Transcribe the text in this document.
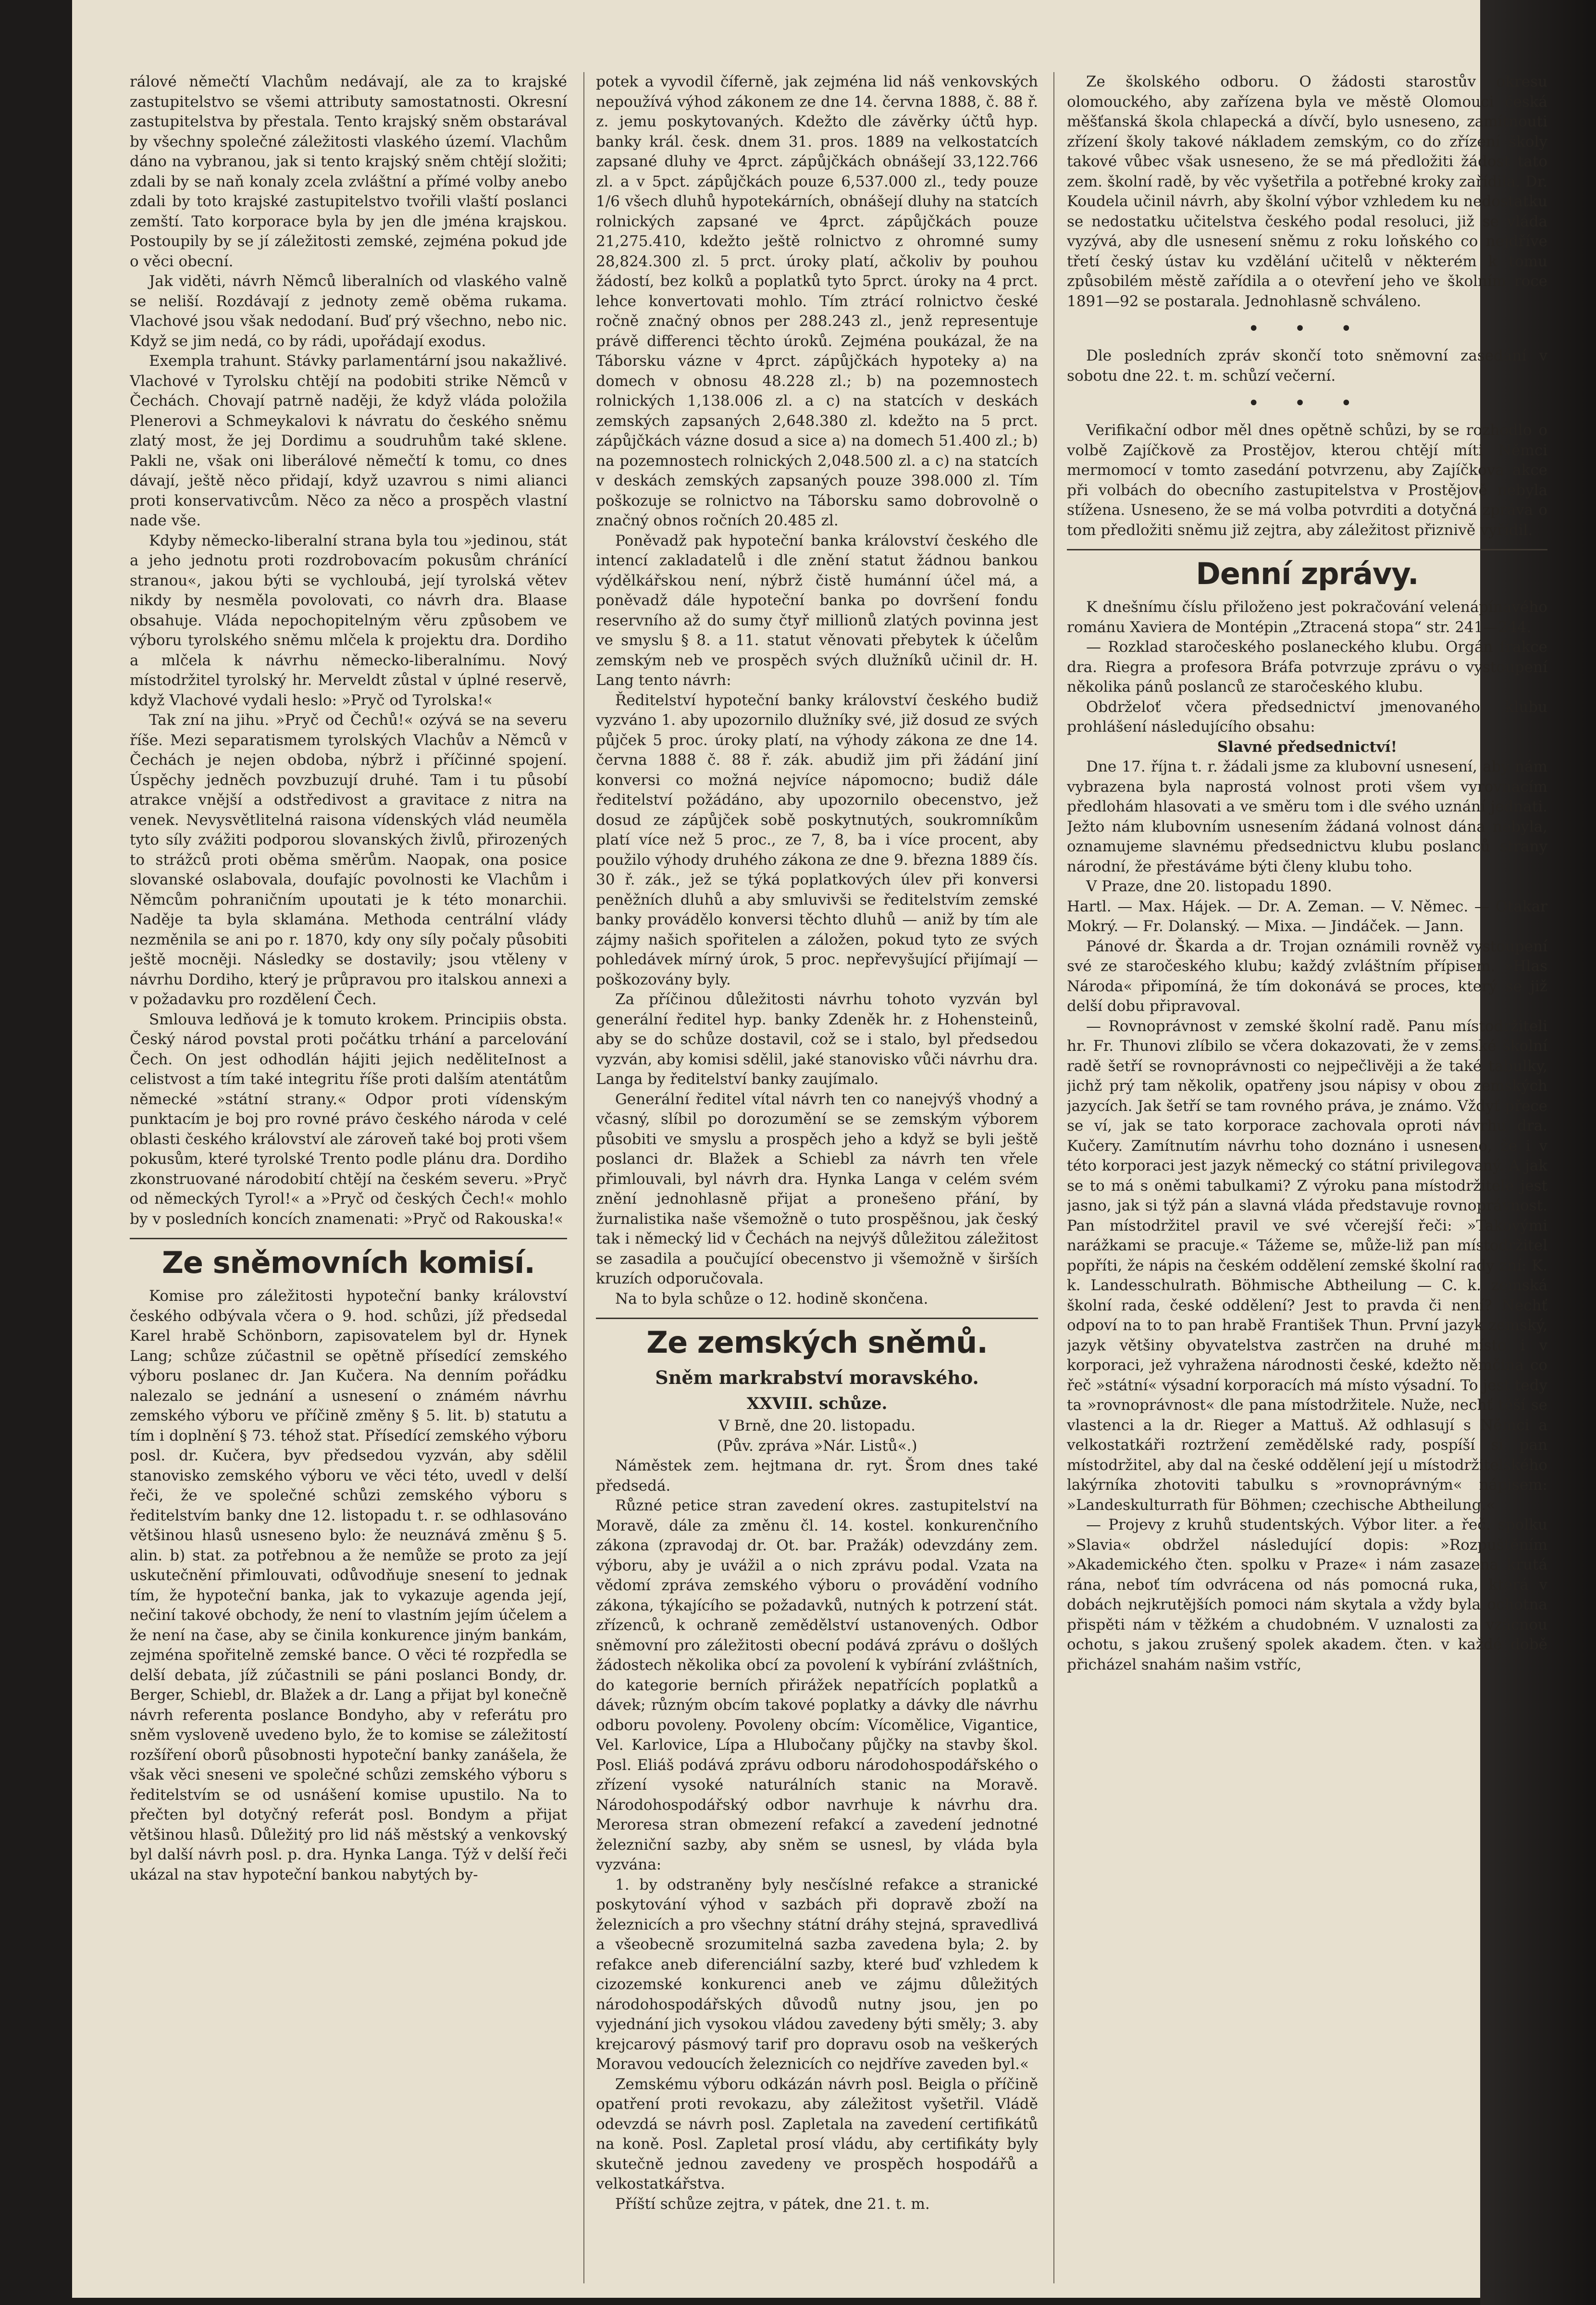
rálové němečtí Vlachům nedávají, ale za to krajské zastupitelstvo se všemi attributy samostatnosti. Okresní zastupitelstva by přestala. Tento krajský sněm obstarával by všechny společné záležitosti vlaského území. Vlachům dáno na vybranou, jak si tento krajský sněm chtějí složiti; zdali by se naň konaly zcela zvláštní a přímé volby anebo zdali by toto krajské zastupitelstvo tvořili vlaští poslanci zemští. Tato korporace byla by jen dle jména krajskou. Postoupily by se jí záležitosti zemské, zejména pokud jde o věci obecní.

Jak viděti, návrh Němců liberalních od vlaského valně se neliší. Rozdávají z jednoty země oběma rukama. Vlachové jsou však nedodaní. Buď prý všechno, nebo nic. Když se jim nedá, co by rádi, upořádají exodus.

Exempla trahunt. Stávky parlamentární jsou nakažlivé. Vlachové v Tyrolsku chtějí na podobiti strike Němců v Čechách. Chovají patrně naději, že když vláda položila Plenerovi a Schmeykalovi k návratu do českého sněmu zlatý most, že jej Dordimu a soudruhům také sklene. Pakli ne, však oni liberálové němečtí k tomu, co dnes dávají, ještě něco přidají, když uzavrou s nimi alianci proti konservativcům. Něco za něco a prospěch vlastní nade vše.

Kdyby německo-liberalní strana byla tou »jedinou, stát a jeho jednotu proti rozdrobovacím pokusům chránící stranou«, jakou býti se vychloubá, její tyrolská větev nikdy by nesměla povolovati, co návrh dra. Blaase obsahuje. Vláda nepochopitelným věru způsobem ve výboru tyrolského sněmu mlčela k projektu dra. Dordiho a mlčela k návrhu německo-liberalnímu. Nový místodržitel tyrolský hr. Merveldt zůstal v úplné reservě, když Vlachové vydali heslo: »Pryč od Tyrolska!«

Tak zní na jihu. »Pryč od Čechů!« ozývá se na severu říše. Mezi separatismem tyrolských Vlachův a Němců v Čechách je nejen obdoba, nýbrž i příčinné spojení. Úspěchy jedněch povzbuzují druhé. Tam i tu působí atrakce vnější a odstředivost a gravitace z nitra na venek. Nevysvětlitelná raisona vídenských vlád neuměla tyto síly zvážiti podporou slovanských živlů, přirozených to strážců proti oběma směrům. Naopak, ona posice slovanské oslabovala, doufajíc povolnosti ke Vlachům i Němcům pohraničním upoutati je k této monarchii. Naděje ta byla sklamána. Methoda centrální vlády nezměnila se ani po r. 1870, kdy ony síly počaly působiti ještě mocněji. Následky se dostavily; jsou vtěleny v návrhu Dordiho, který je průpravou pro italskou annexi a v požadavku pro rozdělení Čech.

Smlouva ledňová je k tomuto krokem. Principiis obsta. Český národ povstal proti počátku trhání a parcelování Čech. On jest odhodlán hájiti jejich neděliteInost a celistvost a tím také integritu říše proti dalším atentátům německé »státní strany.« Odpor proti vídenským punktacím je boj pro rovné právo českého národa v celé oblasti českého království ale zároveň také boj proti všem pokusům, které tyrolské Trento podle plánu dra. Dordiho zkonstruované národobití chtějí na českém severu. »Pryč od německých Tyrol!« a »Pryč od českých Čech!« mohlo by v posledních koncích znamenati: »Pryč od Rakouska!«

Ze sněmovních komisí.

Komise pro záležitosti hypoteční banky království českého odbývala včera o 9. hod. schůzi, jíž předsedal Karel hrabě Schönborn, zapisovatelem byl dr. Hynek Lang; schůze zúčastnil se opětně přísedící zemského výboru poslanec dr. Jan Kučera. Na denním pořádku nalezalo se jednání a usnesení o známém návrhu zemského výboru ve příčině změny § 5. lit. b) statutu a tím i doplnění § 73. téhož stat. Přísedící zemského výboru posl. dr. Kučera, byv předsedou vyzván, aby sdělil stanovisko zemského výboru ve věci této, uvedl v delší řeči, že ve společné schůzi zemského výboru s ředitelstvím banky dne 12. listopadu t. r. se odhlasováno většinou hlasů usneseno bylo: že neuznává změnu § 5. alin. b) stat. za potřebnou a že nemůže se proto za její uskutečnění přimlouvati, odůvodňuje snesení to jednak tím, že hypoteční banka, jak to vykazuje agenda její, nečiní takové obchody, že není to vlastním jejím účelem a že není na čase, aby se činila konkurence jiným bankám, zejména spořitelně zemské bance. O věci té rozpředla se delší debata, jíž zúčastnili se páni poslanci Bondy, dr. Berger, Schiebl, dr. Blažek a dr. Lang a přijat byl konečně návrh referenta poslance Bondyho, aby v referátu pro sněm vysloveně uvedeno bylo, že to komise se záležitostí rozšíření oborů působnosti hypoteční banky zanášela, že však věci sneseni ve společné schůzi zemského výboru s ředitelstvím se od usnášení komise upustilo. Na to přečten byl dotyčný referát posl. Bondym a přijat většinou hlasů. Důležitý pro lid náš městský a venkovský byl další návrh posl. p. dra. Hynka Langa. Týž v delší řeči ukázal na stav hypoteční bankou nabytých by-

potek a vyvodil číferně, jak zejména lid náš venkovských nepoužívá výhod zákonem ze dne 14. června 1888, č. 88 ř. z. jemu poskytovaných. Kdežto dle závěrky účtů hyp. banky král. česk. dnem 31. pros. 1889 na velkostatcích zapsané dluhy ve 4prct. zápůjčkách obnášejí 33,122.766 zl. a v 5pct. zápůjčkách pouze 6,537.000 zl., tedy pouze 1/6 všech dluhů hypotekárních, obnášejí dluhy na statcích rolnických zapsané ve 4prct. zápůjčkách pouze 21,275.410, kdežto ještě rolnictvo z ohromné sumy 28,824.300 zl. 5 prct. úroky platí, ačkoliv by pouhou žádostí, bez kolků a poplatků tyto 5prct. úroky na 4 prct. lehce konvertovati mohlo. Tím ztrácí rolnictvo české ročně značný obnos per 288.243 zl., jenž representuje právě differenci těchto úroků. Zejména poukázal, že na Táborsku vázne v 4prct. zápůjčkách hypoteky a) na domech v obnosu 48.228 zl.; b) na pozemnostech rolnických 1,138.006 zl. a c) na statcích v deskách zemských zapsaných 2,648.380 zl. kdežto na 5 prct. zápůjčkách vázne dosud a sice a) na domech 51.400 zl.; b) na pozemnostech rolnických 2,048.500 zl. a c) na statcích v deskách zemských zapsaných pouze 398.000 zl. Tím poškozuje se rolnictvo na Táborsku samo dobrovolně o značný obnos ročních 20.485 zl.

Poněvadž pak hypoteční banka království českého dle intencí zakladatelů i dle znění statut žádnou bankou výdělkářskou není, nýbrž čistě humánní účel má, a poněvadž dále hypoteční banka po dovršení fondu reservního až do sumy čtyř millionů zlatých povinna jest ve smyslu § 8. a 11. statut věnovati přebytek k účelům zemským neb ve prospěch svých dlužníků učinil dr. H. Lang tento návrh:

Ředitelství hypoteční banky království českého budiž vyzváno 1. aby upozornilo dlužníky své, již dosud ze svých půjček 5 proc. úroky platí, na výhody zákona ze dne 14. června 1888 č. 88 ř. zák. abudiž jim při žádání jiní konversi co možná nejvíce nápomocno; budiž dále ředitelství požádáno, aby upozornilo obecenstvo, jež dosud ze zápůjček sobě poskytnutých, soukromníkům platí více než 5 proc., ze 7, 8, ba i více procent, aby použilo výhody druhého zákona ze dne 9. března 1889 čís. 30 ř. zák., jež se týká poplatkových úlev při konversi peněžních dluhů a aby smluvivši se ředitelstvím zemské banky provádělo konversi těchto dluhů — aniž by tím ale zájmy našich spořitelen a záložen, pokud tyto ze svých pohledávek mírný úrok, 5 proc. nepřevyšující přijímají — poškozovány byly.

Za příčinou důležitosti návrhu tohoto vyzván byl generální ředitel hyp. banky Zdeněk hr. z Hohensteinů, aby se do schůze dostavil, což se i stalo, byl předsedou vyzván, aby komisi sdělil, jaké stanovisko vůči návrhu dra. Langa by ředitelství banky zaujímalo.

Generální ředitel vítal návrh ten co nanejvýš vhodný a včasný, slíbil po dorozumění se se zemským výborem působiti ve smyslu a prospěch jeho a když se byli ještě poslanci dr. Blažek a Schiebl za návrh ten vřele přimlouvali, byl návrh dra. Hynka Langa v celém svém znění jednohlasně přijat a pronešeno přání, by žurnalistika naše všemožně o tuto prospěšnou, jak český tak i německý lid v Čechách na nejvýš důležitou záležitost se zasadila a poučující obecenstvo ji všemožně v širších kruzích odporučovala.

Na to byla schůze o 12. hodině skončena.

Ze zemských sněmů.
Sněm markrabství moravského.
XXVIII. schůze.

V Brně, dne 20. listopadu.

(Pův. zpráva »Nár. Listů«.)

Náměstek zem. hejtmana dr. ryt. Šrom dnes také předsedá.

Různé petice stran zavedení okres. zastupitelství na Moravě, dále za změnu čl. 14. kostel. konkurenčního zákona (zpravodaj dr. Ot. bar. Pražák) odevzdány zem. výboru, aby je uvážil a o nich zprávu podal. Vzata na vědomí zpráva zemského výboru o provádění vodního zákona, týkajícího se požadavků, nutných k potrzení stát. zřízenců, k ochraně zemědělství ustanovených. Odbor sněmovní pro záležitosti obecní podává zprávu o došlých žádostech několika obcí za povolení k vybírání zvláštních, do kategorie berních přirážek nepatřících poplatků a dávek; různým obcím takové poplatky a dávky dle návrhu odboru povoleny. Povoleny obcím: Vícomělice, Vigantice, Vel. Karlovice, Lípa a Hlubočany půjčky na stavby škol. Posl. Eliáš podává zprávu odboru národohospodářského o zřízení vysoké naturálních stanic na Moravě. Národohospodářský odbor navrhuje k návrhu dra. Meroresa stran obmezení refakcí a zavedení jednotné železniční sazby, aby sněm se usnesl, by vláda byla vyzvána:

1. by odstraněny byly nesčíslné refakce a stranické poskytování výhod v sazbách při dopravě zboží na železnicích a pro všechny státní dráhy stejná, spravedlivá a všeobecně srozumitelná sazba zavedena byla; 2. by refakce aneb diferenciální sazby, které buď vzhledem k cizozemské konkurenci aneb ve zájmu důležitých národohospodářských důvodů nutny jsou, jen po vyjednání jich vysokou vládou zavedeny býti směly; 3. aby krejcarový pásmový tarif pro dopravu osob na veškerých Moravou vedoucích železnicích co nejdříve zaveden byl.«

Zemskému výboru odkázán návrh posl. Beigla o příčině opatření proti revokazu, aby záležitost vyšetřil. Vládě odevzdá se návrh posl. Zapletala na zavedení certifikátů na koně. Posl. Zapletal prosí vládu, aby certifikáty byly skutečně jednou zavedeny ve prospěch hospodářů a velkostatkářstva.

Příští schůze zejtra, v pátek, dne 21. t. m.

Ze školského odboru. O žádosti starostův okresu olomouckého, aby zařízena byla ve městě Olomouci česká měšťanská škola chlapecká a dívčí, bylo usneseno, zamítnouti zřízení školy takové nákladem zemským, co do zřízení školy takové vůbec však usneseno, že se má předložiti žádost tato zem. školní radě, by věc vyšetřila a potřebné kroky zařídila. Dr. Koudela učinil návrh, aby školní výbor vzhledem ku nedostatku se nedostatku učitelstva českého podal resoluci, již se vláda vyzývá, aby dle usnesení sněmu z roku loňského co nejdříve třetí český ústav ku vzdělání učitelů v některém k tomu způsobilém městě zařídila a o otevření jeho ve školním roce 1891—92 se postarala. Jednohlasně schváleno.

• • •

Dle posledních zpráv skončí toto sněmovní zasedání v sobotu dne 22. t. m. schůzí večerní.

• • •

Verifikační odbor měl dnes opětně schůzi, by se rozhodlo o volbě Zajíčkově za Prostějov, kterou chtějí míti Němci mermomocí v tomto zasedání potvrzenu, aby Zajíčkova akce při volbách do obecního zastupitelstva v Prostějově nebyla stížena. Usneseno, že se má volba potvrditi a dotyčná zpráva o tom předložiti sněmu již zejtra, aby záležitost přiznivě vyřídil.

Denní zprávy.

K dnešnímu číslu přiloženo jest pokračování velenápínavého románu Xaviera de Montépin „Ztracená stopa“ str. 241—244.

— Rozklad staročeského poslaneckého klubu. Orgán frakce dra. Riegra a profesora Bráfa potvrzuje zprávu o vystoupení několika pánů poslanců ze staročeského klubu.

Obdrželoť včera předsednictví jmenovaného klubu prohlášení následujícího obsahu:

Slavné předsednictví!

Dne 17. října t. r. žádali jsme za klubovní usnesení, aby nám vybrazena byla naprostá volnost proti všem vyrovnacím předlohám hlasovati a ve směru tom i dle svého uznání jednati. Ježto nám klubovním usnesením žádaná volnost dána nebyla, oznamujeme slavnému předsednictvu klubu poslanců strany národní, že přestáváme býti členy klubu toho.

V Praze, dne 20. listopadu 1890.

Hartl. — Max. Hájek. — Dr. A. Zeman. — V. Němec. — Otakar Mokrý. — Fr. Dolanský. — Mixa. — Jindáček. — Jann.

Pánové dr. Škarda a dr. Trojan oznámili rovněž vystoupení své ze staročeského klubu; každý zvláštním přípisem. »Hlas Národa« připomíná, že tím dokonává se proces, který se již delší dobu připravoval.

— Rovnoprávnost v zemské školní radě. Panu místodržiteli hr. Fr. Thunovi zlíbilo se včera dokazovati, že v zemské školní radě šetří se rovnoprávnosti co nejpečlivěji a že také tabulky, jichž prý tam několik, opatřeny jsou nápisy v obou zemských jazycích. Jak šetří se tam rovného práva, je známo. Vždyť přece se ví, jak se tato korporace zachovala oproti návrhu dra. Kučery. Zamítnutím návrhu toho doznáno i usneseno, že i v této korporaci jest jazyk německý co státní privilegovaný. A jak se to má s oněmi tabulkami? Z výroku pana místodržitele jest jasno, jak si týž pán a slavná vláda představuje rovnoprávnost. Pan místodržitel pravil ve své včerejší řeči: »Takovými narážkami se pracuje.« Tážeme se, může-liž pan místodržitel popříti, že nápis na českém oddělení zemské školní rady zní: K. k. Landesschulrath. Böhmische Abtheilung — C. k. zemská školní rada, české oddělení? Jest to pravda či není? Nechť odpoví na to to pan hrabě František Thun. První jazyk zemský, jazyk většiny obyvatelstva zastrčen na druhé místo i v korporaci, jež vyhražena národnosti české, kdežto němčina co řeč »státní« výsadní korporacích má místo výsadní. To jest tedy ta »rovnoprávnost« dle pana místodržitele. Nuže, nechť těší se vlastenci a la dr. Rieger a Mattuš. Až odhlasují s Němci a velkostatkáři roztržení zemědělské rady, pospíší si pan místodržitel, aby dal na české oddělení její u místodržitelského lakýrníka zhotoviti tabulku s »rovnoprávným« nápisem: »Landeskulturrath für Böhmen; czechische Abtheilung.«

— Projevy z kruhů studentských. Výbor liter. a řeč. spolku »Slavia« obdržel následující dopis: »Rozpuštěním »Akademického čten. spolku v Praze« i nám zasazena krutá rána, neboť tím odvrácena od nás pomocná ruka, která v dobách nejkrutějších pomoci nám skytala a vždy byla ochotna přispěti nám v těžkém a chudobném. V uznalosti za vzácnou ochotu, s jakou zrušený spolek akadem. čten. v každé době přicházel snahám našim vstříc,
